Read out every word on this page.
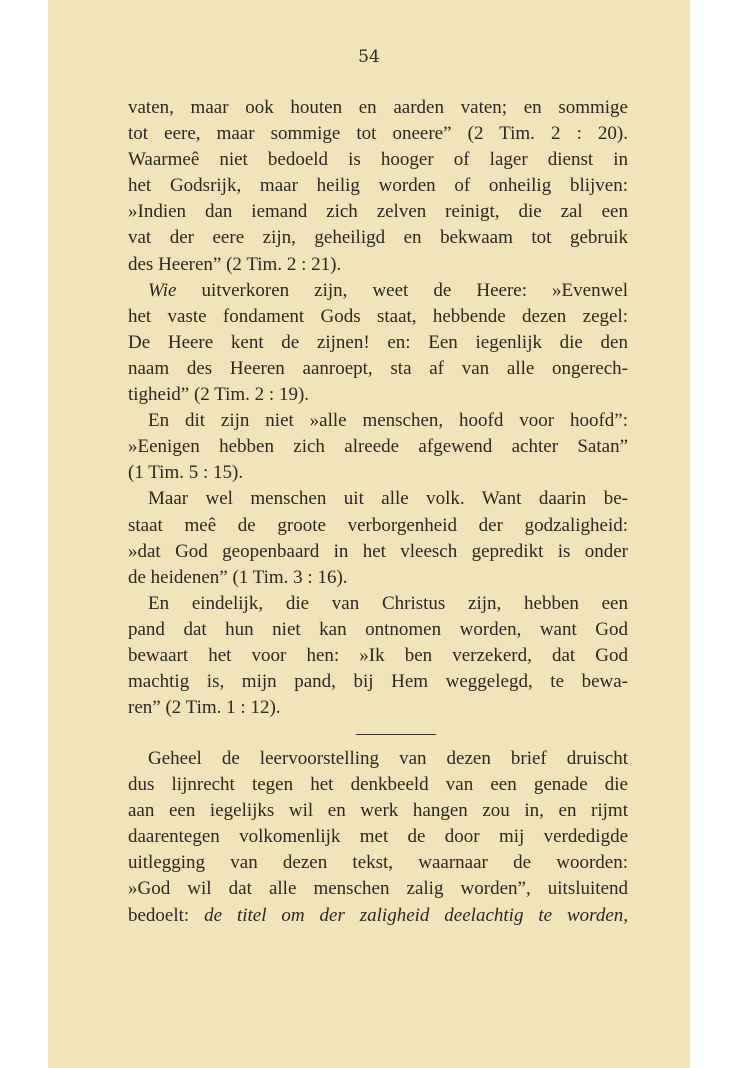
54
vaten, maar ook houten en aarden vaten; en sommige
tot eere, maar sommige tot oneere” (2 Tim. 2 : 20).
Waarmeê niet bedoeld is hooger of lager dienst in
het Godsrijk, maar heilig worden of onheilig blijven:
»Indien dan iemand zich zelven reinigt, die zal een
vat der eere zijn, geheiligd en bekwaam tot gebruik
des Heeren” (2 Tim. 2 : 21).
Wie uitverkoren zijn, weet de Heere: »Evenwel
het vaste fondament Gods staat, hebbende dezen zegel:
De Heere kent de zijnen! en: Een iegenlijk die den
naam des Heeren aanroept, sta af van alle ongerech-
tigheid” (2 Tim. 2 : 19).
En dit zijn niet »alle menschen, hoofd voor hoofd”:
»Eenigen hebben zich alreede afgewend achter Satan”
(1 Tim. 5 : 15).
Maar wel menschen uit alle volk. Want daarin be-
staat meê de groote verborgenheid der godzaligheid:
»dat God geopenbaard in het vleesch gepredikt is onder
de heidenen” (1 Tim. 3 : 16).
En eindelijk, die van Christus zijn, hebben een
pand dat hun niet kan ontnomen worden, want God
bewaart het voor hen: »Ik ben verzekerd, dat God
machtig is, mijn pand, bij Hem weggelegd, te bewa-
ren” (2 Tim. 1 : 12).
Geheel de leervoorstelling van dezen brief druischt
dus lijnrecht tegen het denkbeeld van een genade die
aan een iegelijks wil en werk hangen zou in, en rijmt
daarentegen volkomenlijk met de door mij verdedigde
uitlegging van dezen tekst, waarnaar de woorden:
»God wil dat alle menschen zalig worden”, uitsluitend
bedoelt: de titel om der zaligheid deelachtig te worden,
